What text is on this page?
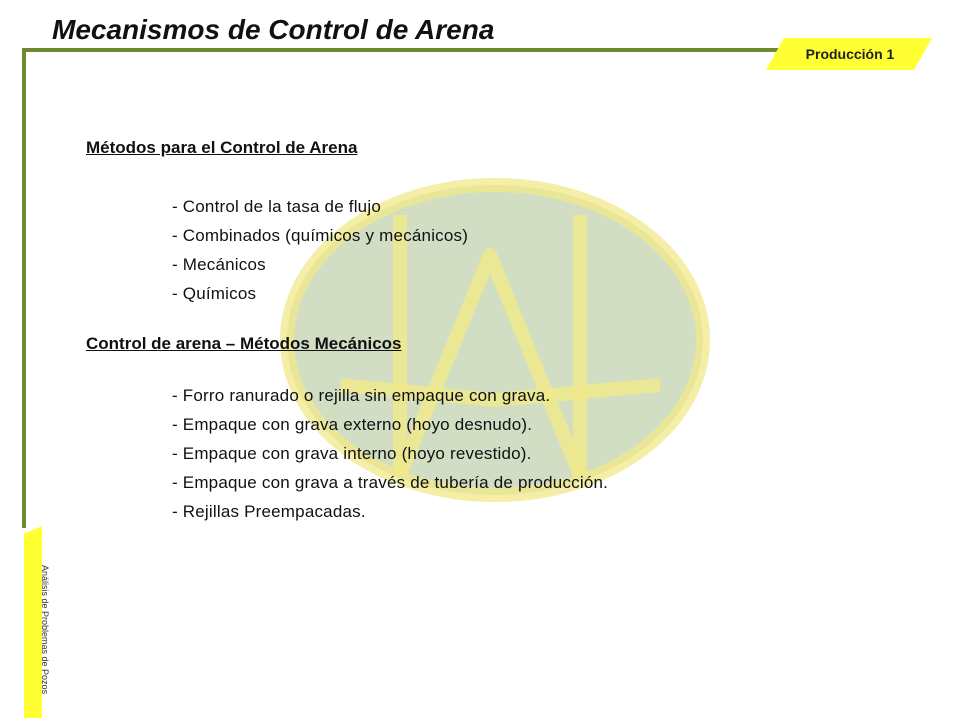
Mecanismos de Control de Arena
Producción 1
Análisis de Problemas de Pozos

Métodos para el Control de Arena

- Control de la tasa de flujo
- Combinados (químicos y mecánicos)
- Mecánicos
- Químicos

Control de arena – Métodos Mecánicos

- Forro ranurado o rejilla sin empaque con grava.
- Empaque con grava externo (hoyo desnudo).
- Empaque con grava interno (hoyo revestido).
- Empaque con grava a través de tubería de producción.
- Rejillas Preempacadas.
